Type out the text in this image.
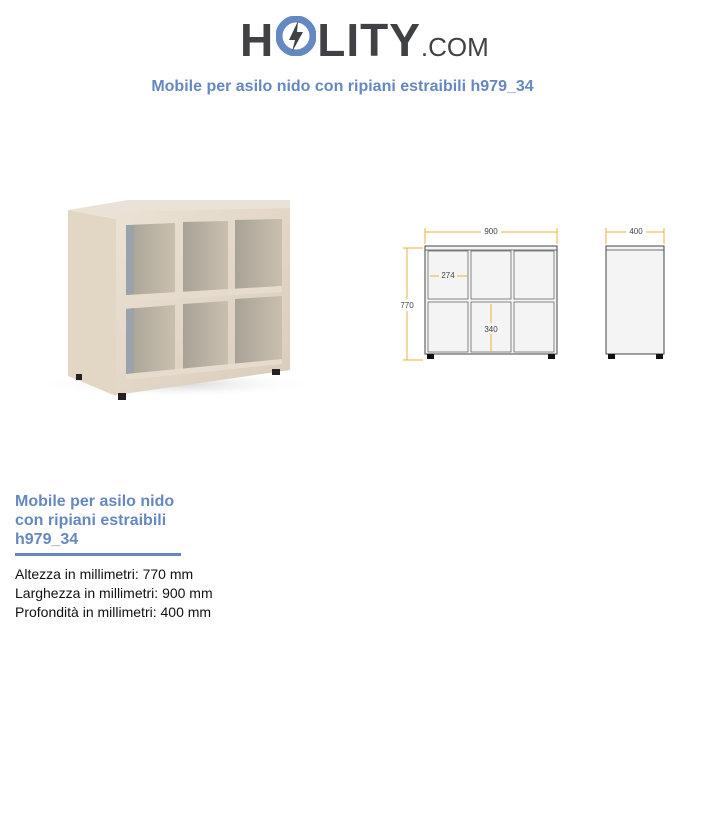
H LITY .COM
Mobile per asilo nido con ripiani estraibili h979_34
900
770
274
340
400
Mobile per asilo nido con ripiani estraibili h979_34
Altezza in millimetri: 770 mm
Larghezza in millimetri: 900 mm
Profondità in millimetri: 400 mm
